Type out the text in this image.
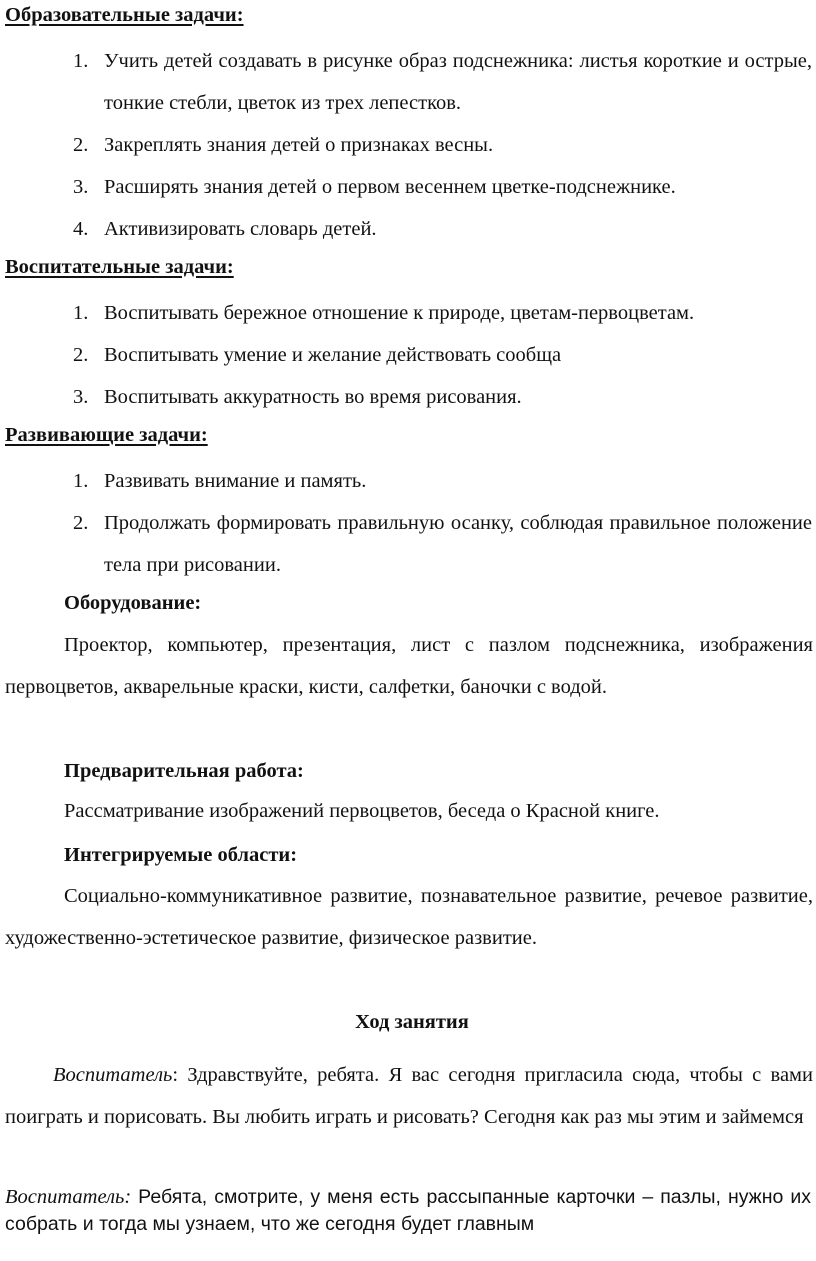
Образовательные задачи:
1. Учить детей создавать в рисунке образ подснежника: листья короткие и острые, тонкие стебли, цветок из трех лепестков.
2. Закреплять знания детей о признаках весны.
3. Расширять знания детей о первом весеннем цветке-подснежнике.
4. Активизировать словарь детей.
Воспитательные задачи:
1. Воспитывать бережное отношение к природе, цветам-первоцветам.
2. Воспитывать умение и желание действовать сообща
3. Воспитывать аккуратность во время рисования.
Развивающие задачи:
1. Развивать внимание и память.
2. Продолжать формировать правильную осанку, соблюдая правильное положение тела при рисовании.
Оборудование:

Проектор, компьютер, презентация, лист с пазлом подснежника, изображения первоцветов, акварельные краски, кисти, салфетки, баночки с водой.

Предварительная работа:

Рассматривание изображений первоцветов, беседа о Красной книге.

Интегрируемые области:

Социально-коммуникативное развитие, познавательное развитие, речевое развитие, художественно-эстетическое развитие, физическое развитие.

Ход занятия

Воспитатель: Здравствуйте, ребята. Я вас сегодня пригласила сюда, чтобы с вами поиграть и порисовать. Вы любить играть и рисовать? Сегодня как раз мы этим и займемся

Воспитатель: Ребята, смотрите, у меня есть рассыпанные карточки – пазлы, нужно их собрать и тогда мы узнаем, что же сегодня будет главным
